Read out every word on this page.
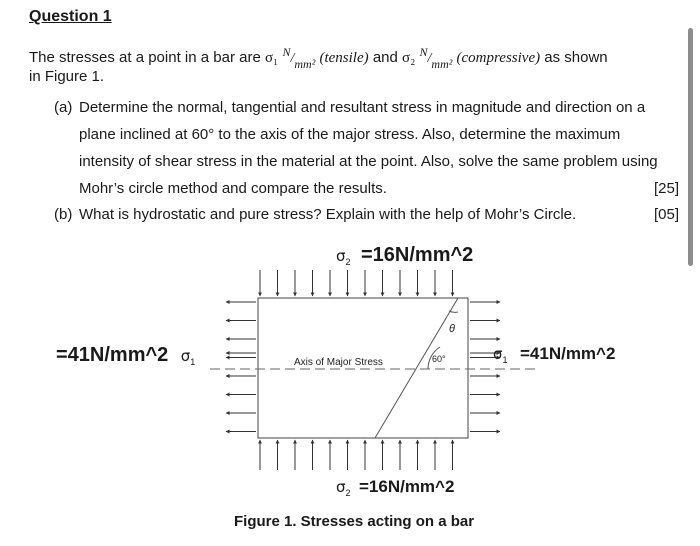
Question 1
The stresses at a point in a bar are σ₁ $^N/_{mm^2}$ (tensile) and σ₂ $^N/_{mm^2}$ (compressive) as shown
in Figure 1.
(a) Determine the normal, tangential and resultant stress in magnitude and direction on a
plane inclined at 60° to the axis of the major stress. Also, determine the maximum
intensity of shear stress in the material at the point. Also, solve the same problem using
Mohr’s circle method and compare the results.	[25]
(b) What is hydrostatic and pure stress? Explain with the help of Mohr’s Circle.	[05]
Axis of Major Stress	60°
θ
$\sigma_2$ =16N/mm^2
$\sigma_2$ =16N/mm^2
=41N/mm^2 $\sigma_1$	$\sigma_1$ =41N/mm^2
Figure 1. Stresses acting on a bar
